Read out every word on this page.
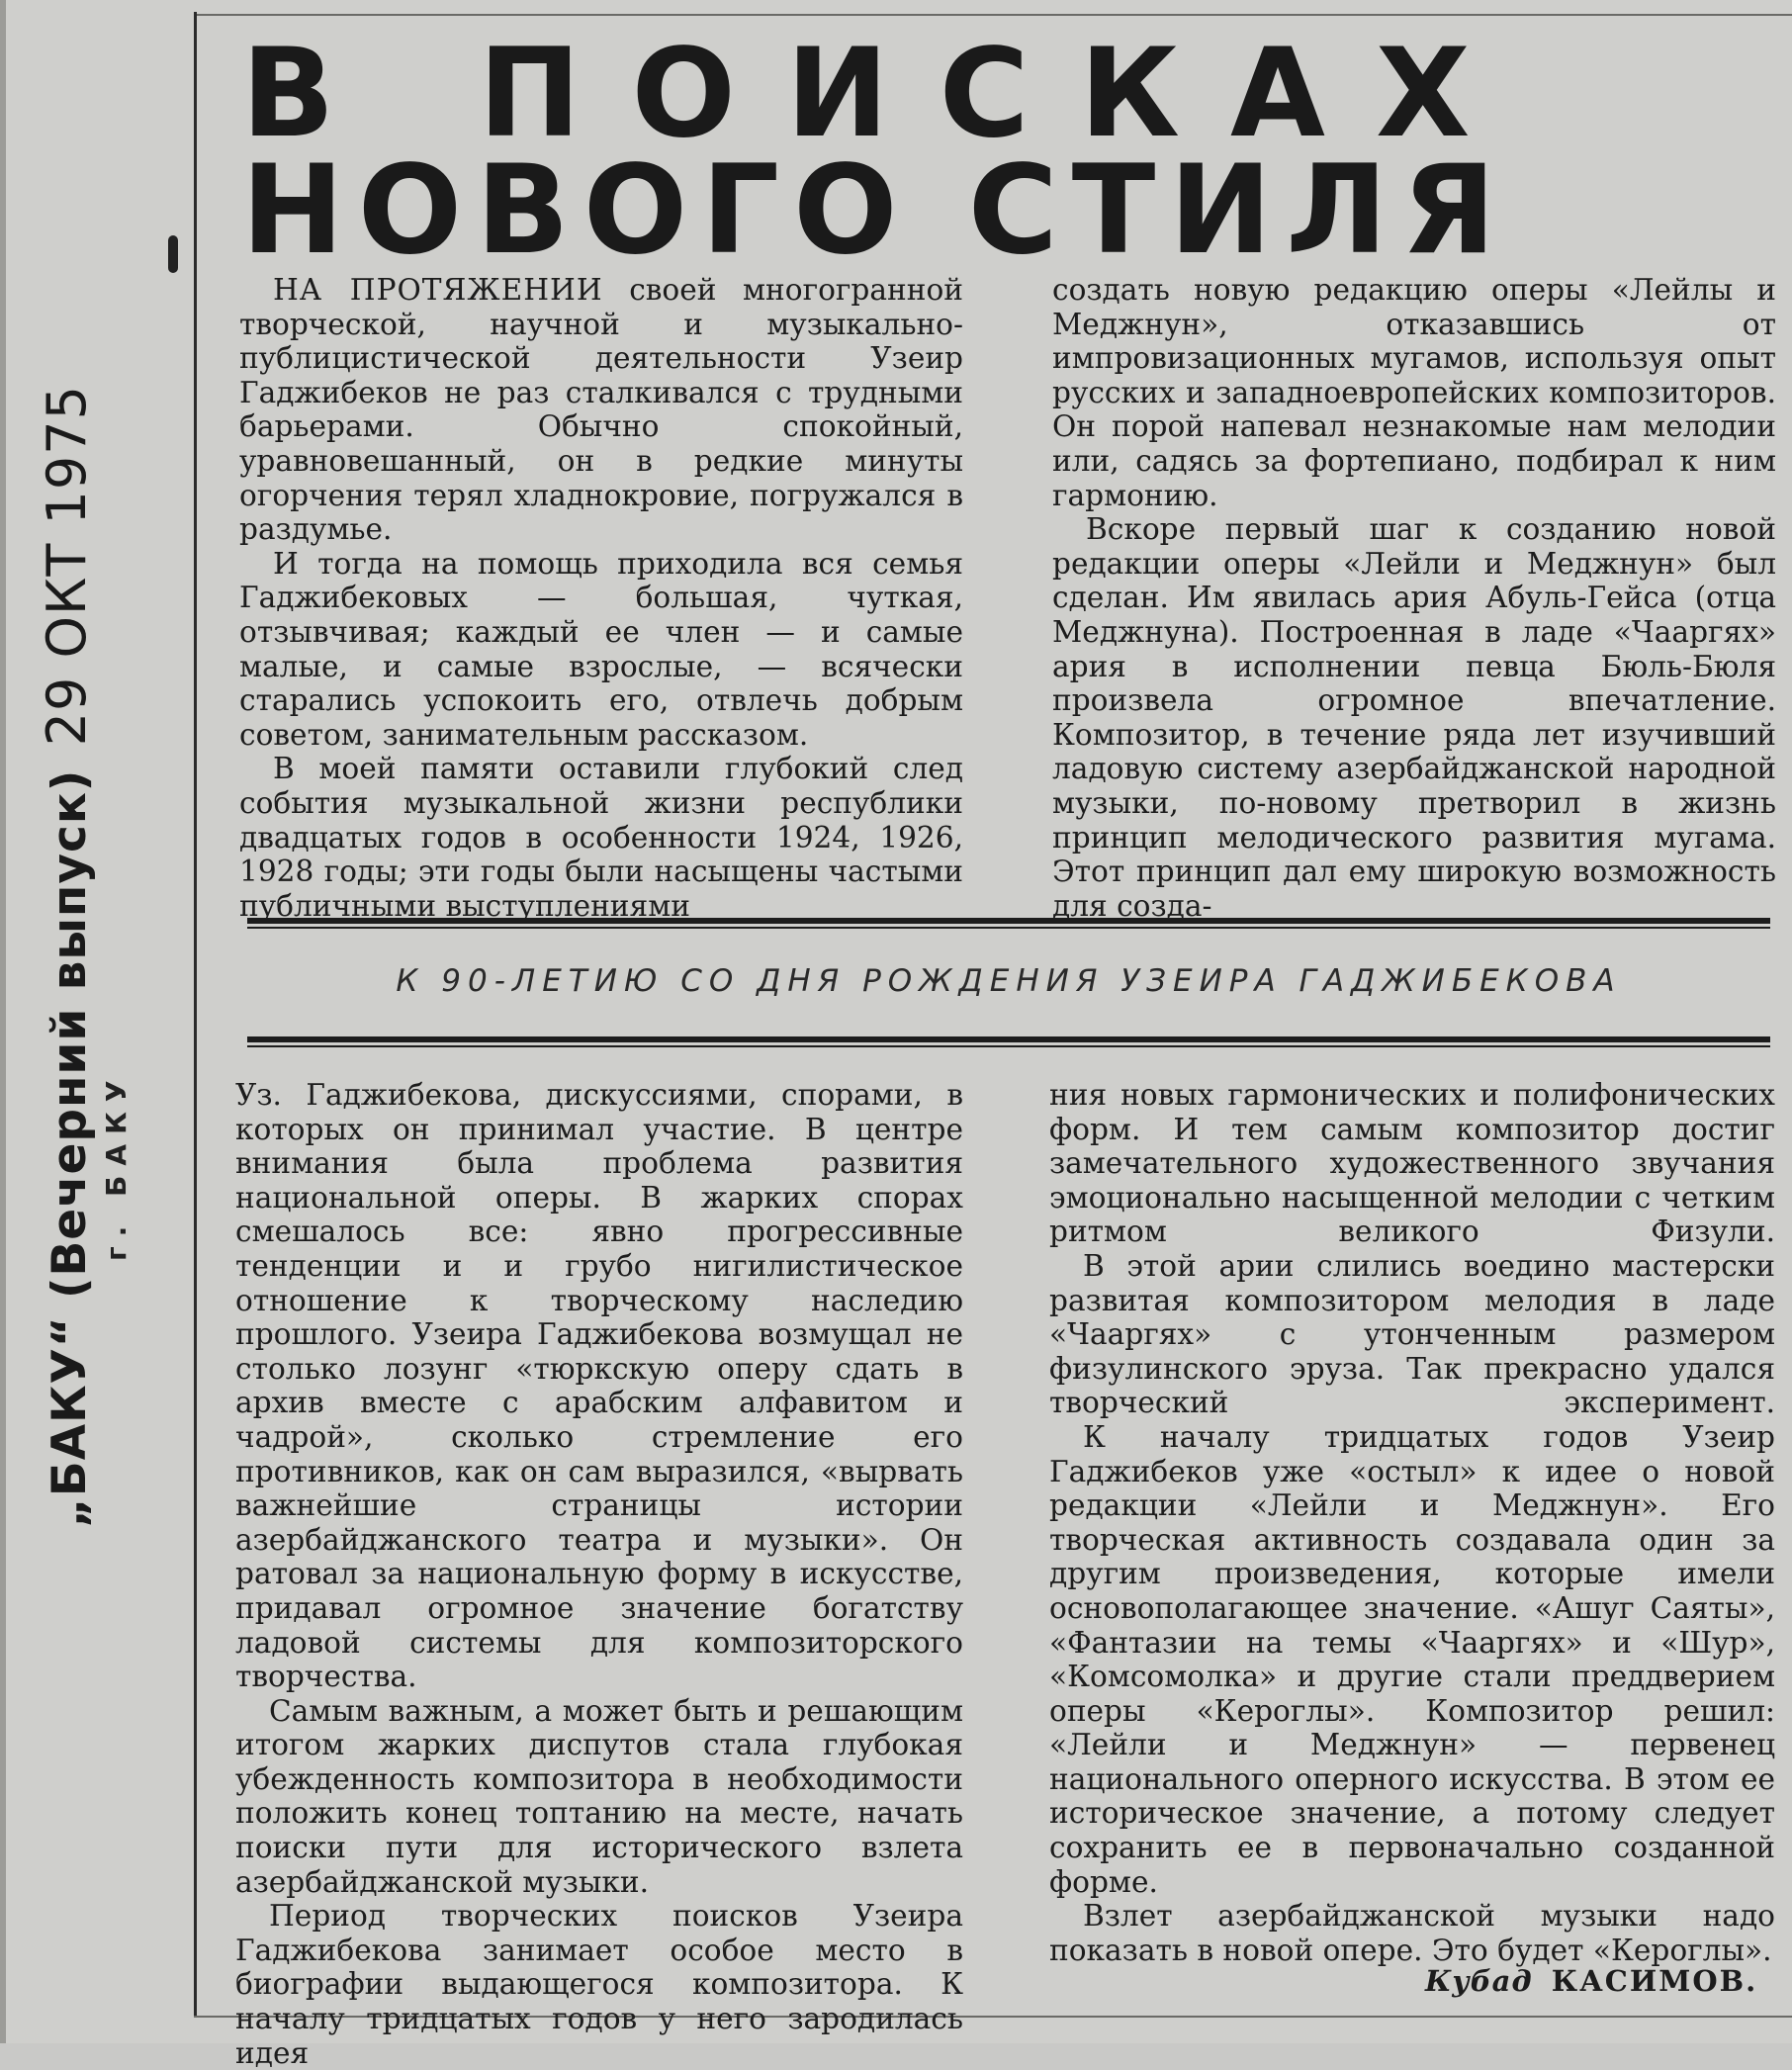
„БАКУ“ (Вечерний выпуск) 29 ОКТ 1975
г. БАКУ
В ПОИСКАХ
НОВОГО СТИЛЯ

НА ПРОТЯЖЕНИИ своей многогранной творческой, научной и музыкально-публицистической деятельности Узеир Гаджибеков не раз сталкивался с трудными барьерами. Обычно спокойный, уравновешанный, он в редкие минуты огорчения терял хладнокровие, погружался в раздумье.

И тогда на помощь приходила вся семья Гаджибековых — большая, чуткая, отзывчивая; каждый ее член — и самые малые, и самые взрослые, — всячески старались успокоить его, отвлечь добрым советом, занимательным рассказом.

В моей памяти оставили глубокий след события музыкальной жизни республики двадцатых годов в особенности 1924, 1926, 1928 годы; эти годы были насыщены частыми публичными выступлениями

создать новую редакцию оперы «Лейлы и Меджнун», отказавшись от импровизационных мугамов, используя опыт русских и западноевропейских композиторов. Он порой напевал незнакомые нам мелодии или, садясь за фортепиано, подбирал к ним гармонию.

Вскоре первый шаг к созданию новой редакции оперы «Лейли и Меджнун» был сделан. Им явилась ария Абуль-Гейса (отца Меджнуна). Построенная в ладе «Чааргях» ария в исполнении певца Бюль-Бюля произвела огромное впечатление. Композитор, в течение ряда лет изучивший ладовую систему азербайджанской народной музыки, по-новому претворил в жизнь принцип мелодического развития мугама. Этот принцип дал ему широкую возможность для созда-

К 90-ЛЕТИЮ СО ДНЯ РОЖДЕНИЯ УЗЕИРА ГАДЖИБЕКОВА

Уз. Гаджибекова, дискуссиями, спорами, в которых он принимал участие. В центре внимания была проблема развития национальной оперы. В жарких спорах смешалось все: явно прогрессивные тенденции и и грубо нигилистическое отношение к творческому наследию прошлого. Узеира Гаджибекова возмущал не столько лозунг «тюркскую оперу сдать в архив вместе с арабским алфавитом и чадрой», сколько стремление его противников, как он сам выразился, «вырвать важнейшие страницы истории азербайджанского театра и музыки». Он ратовал за национальную форму в искусстве, придавал огромное значение богатству ладовой системы для композиторского творчества.

Самым важным, а может быть и решающим итогом жарких диспутов стала глубокая убежденность композитора в необходимости положить конец топтанию на месте, начать поиски пути для исторического взлета азербайджанской музыки.

Период творческих поисков Узеира Гаджибекова занимает особое место в биографии выдающегося композитора. К началу тридцатых годов у него зародилась идея

ния новых гармонических и полифонических форм. И тем самым композитор достиг замечательного художественного звучания эмоционально насыщенной мелодии с четким ритмом великого Физули.

В этой арии слились воедино мастерски развитая композитором мелодия в ладе «Чааргях» с утонченным размером физулинского эруза. Так прекрасно удался творческий эксперимент.

К началу тридцатых годов Узеир Гаджибеков уже «остыл» к идее о новой редакции «Лейли и Меджнун». Его творческая активность создавала один за другим произведения, которые имели основополагающее значение. «Ашуг Саяты», «Фантазии на темы «Чааргях» и «Шур», «Комсомолка» и другие стали преддверием оперы «Кероглы». Композитор решил: «Лейли и Меджнун» — первенец национального оперного искусства. В этом ее историческое значение, а потому следует сохранить ее в первоначально созданной форме.

Взлет азербайджанской музыки надо показать в новой опере. Это будет «Кероглы».

Кубад КАСИМОВ.
